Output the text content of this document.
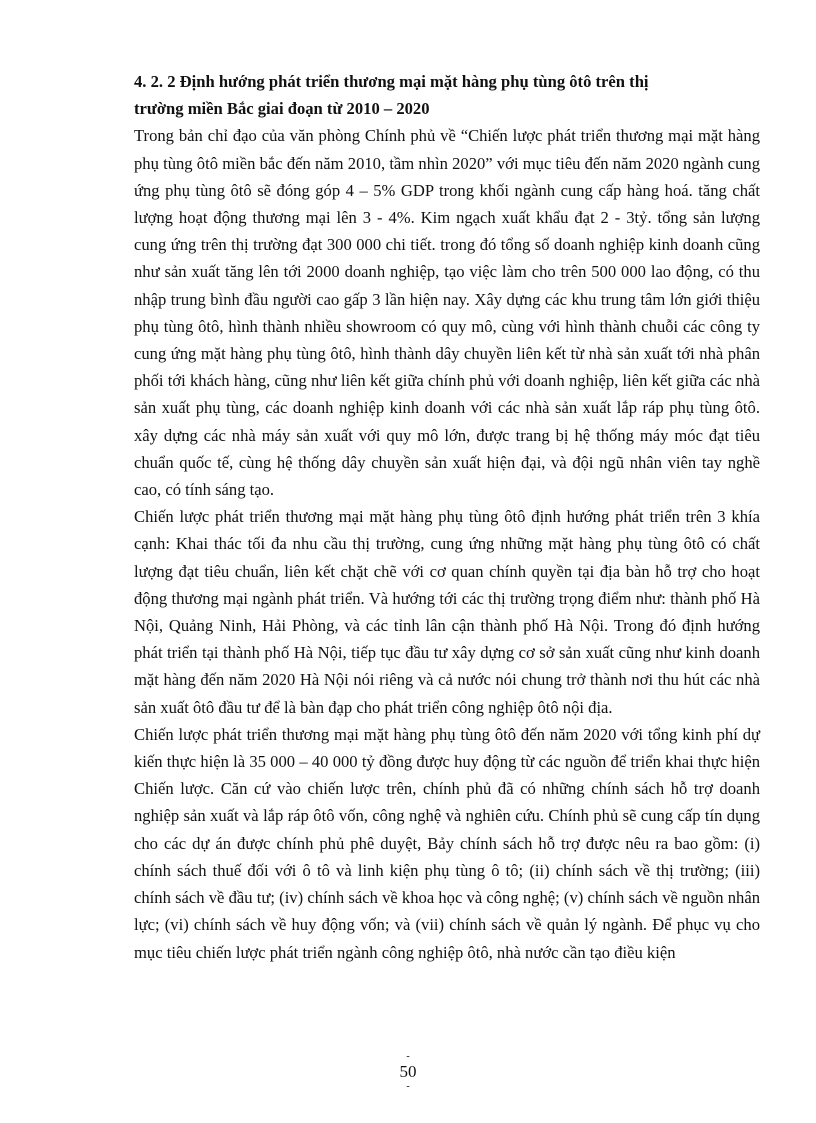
4. 2. 2 Định hướng phát triển thương mại mặt hàng phụ tùng ôtô trên thị
trường miền Bắc giai đoạn từ 2010 – 2020

Trong bản chỉ đạo của văn phòng Chính phủ về “Chiến lược phát triển thương mại mặt hàng phụ tùng ôtô miền bắc đến năm 2010, tầm nhìn 2020” với mục tiêu đến năm 2020 ngành cung ứng phụ tùng ôtô sẽ đóng góp 4 – 5% GDP trong khối ngành cung cấp hàng hoá. tăng chất lượng hoạt động thương mại lên 3 - 4%. Kim ngạch xuất khẩu đạt 2 - 3tỷ. tổng sản lượng cung ứng trên thị trường đạt 300 000 chi tiết. trong đó tổng số doanh nghiệp kinh doanh cũng như sản xuất tăng lên tới 2000 doanh nghiệp, tạo việc làm cho trên 500 000 lao động, có thu nhập trung bình đầu người cao gấp 3 lần hiện nay. Xây dựng các khu trung tâm lớn giới thiệu phụ tùng ôtô, hình thành nhiều showroom có quy mô, cùng với hình thành chuỗi các công ty cung ứng mặt hàng phụ tùng ôtô, hình thành dây chuyền liên kết từ nhà sản xuất tới nhà phân phối tới khách hàng, cũng như liên kết giữa chính phủ với doanh nghiệp, liên kết giữa các nhà sản xuất phụ tùng, các doanh nghiệp kinh doanh với các nhà sản xuất lắp ráp phụ tùng ôtô. xây dựng các nhà máy sản xuất với quy mô lớn, được trang bị hệ thống máy móc đạt tiêu chuẩn quốc tế, cùng hệ thống dây chuyền sản xuất hiện đại, và đội ngũ nhân viên tay nghề cao, có tính sáng tạo.

Chiến lược phát triển thương mại mặt hàng phụ tùng ôtô định hướng phát triển trên 3 khía cạnh: Khai thác tối đa nhu cầu thị trường, cung ứng những mặt hàng phụ tùng ôtô có chất lượng đạt tiêu chuẩn, liên kết chặt chẽ với cơ quan chính quyền tại địa bàn hỗ trợ cho hoạt động thương mại ngành phát triển. Và hướng tới các thị trường trọng điểm như: thành phố Hà Nội, Quảng Ninh, Hải Phòng, và các tỉnh lân cận thành phố Hà Nội. Trong đó định hướng phát triển tại thành phố Hà Nội, tiếp tục đầu tư xây dựng cơ sở sản xuất cũng như kinh doanh mặt hàng đến năm 2020 Hà Nội nói riêng và cả nước nói chung trở thành nơi thu hút các nhà sản xuất ôtô đầu tư để là bàn đạp cho phát triển công nghiệp ôtô nội địa.

Chiến lược phát triển thương mại mặt hàng phụ tùng ôtô đến năm 2020 với tổng kinh phí dự kiến thực hiện là 35 000 – 40 000 tỷ đồng được huy động từ các nguồn để triển khai thực hiện Chiến lược. Căn cứ vào chiến lược trên, chính phủ đã có những chính sách hỗ trợ doanh nghiệp sản xuất và lắp ráp ôtô vốn, công nghệ và nghiên cứu. Chính phủ sẽ cung cấp tín dụng cho các dự án được chính phủ phê duyệt, Bảy chính sách hỗ trợ được nêu ra bao gồm: (i) chính sách thuế đối với ô tô và linh kiện phụ tùng ô tô; (ii) chính sách về thị trường; (iii) chính sách về đầu tư; (iv) chính sách về khoa học và công nghệ; (v) chính sách về nguồn nhân lực; (vi) chính sách về huy động vốn; và (vii) chính sách về quản lý ngành. Để phục vụ cho mục tiêu chiến lược phát triển ngành công nghiệp ôtô, nhà nước cần tạo điều kiện

-
50
-
